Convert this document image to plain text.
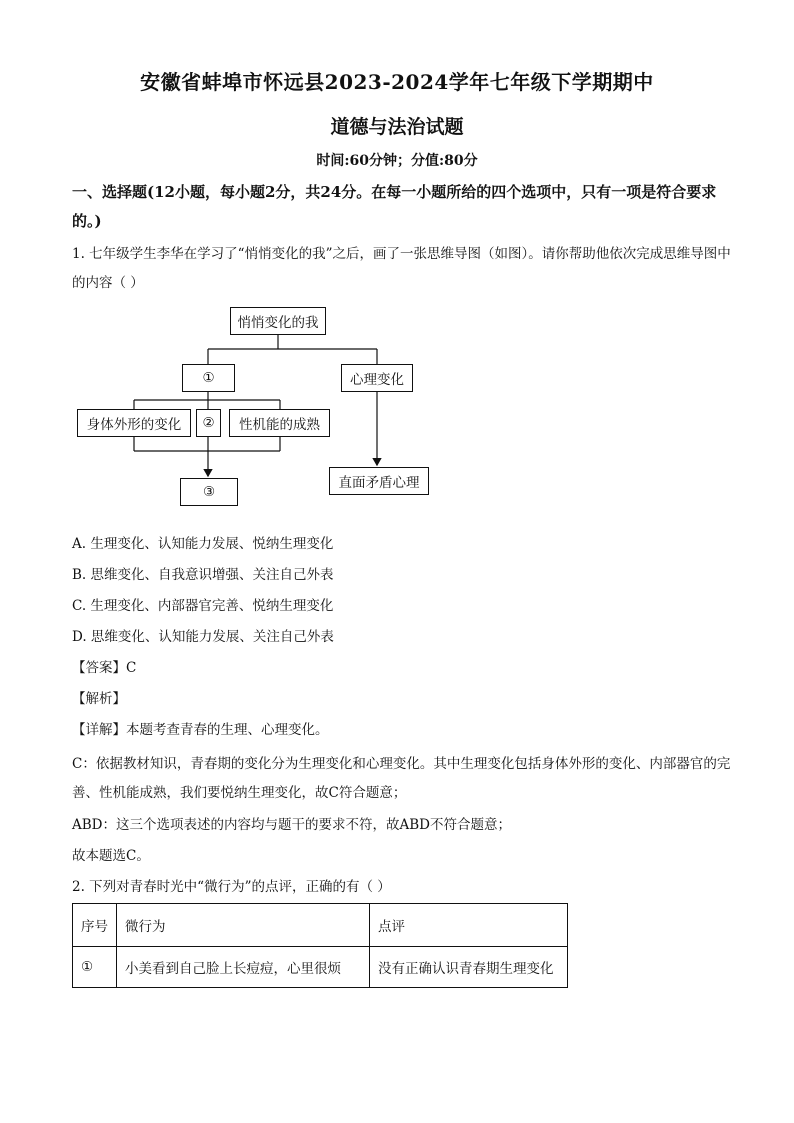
安徽省蚌埠市怀远县2023-2024学年七年级下学期期中
道德与法治试题
时间:60分钟；分值:80分
一、选择题(12小题，每小题2分，共24分。在每一小题所给的四个选项中，只有一项是符合要求的。)
1. 七年级学生李华在学习了“悄悄变化的我”之后，画了一张思维导图（如图）。请你帮助他依次完成思维导图中的内容（ ）
悄悄变化的我
①	心理变化
身体外形的变化	②	性机能的成熟
③
直面矛盾心理
A. 生理变化、认知能力发展、悦纳生理变化
B. 思维变化、自我意识增强、关注自己外表
C. 生理变化、内部器官完善、悦纳生理变化
D. 思维变化、认知能力发展、关注自己外表
【答案】C
【解析】
【详解】本题考查青春的生理、心理变化。
C：依据教材知识，青春期的变化分为生理变化和心理变化。其中生理变化包括身体外形的变化、内部器官的完善、性机能成熟，我们要悦纳生理变化，故C符合题意；
ABD：这三个选项表述的内容均与题干的要求不符，故ABD不符合题意；
故本题选C。
2. 下列对青春时光中“微行为”的点评，正确的有（ ）
序号	微行为	点评
①	小美看到自己脸上长痘痘，心里很烦	没有正确认识青春期生理变化
